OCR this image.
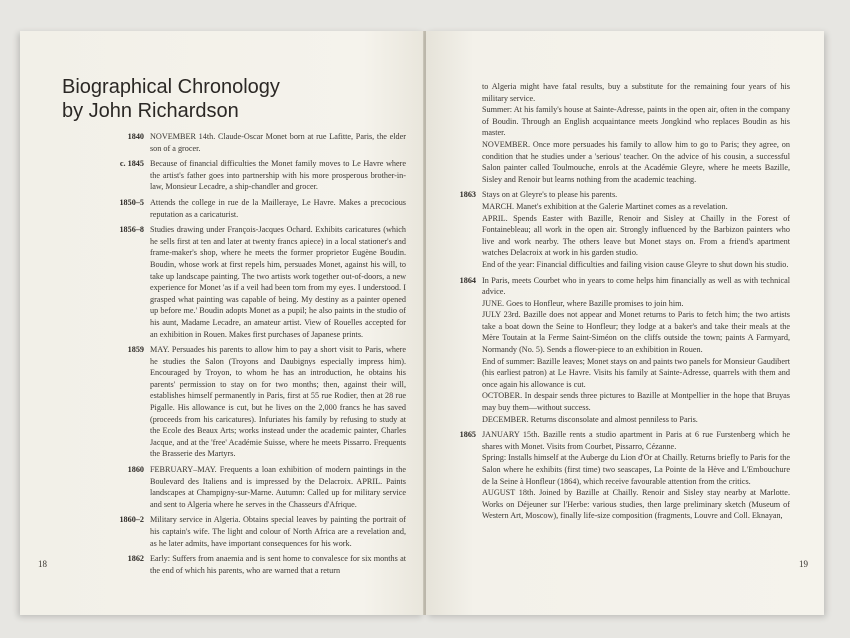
Biographical Chronology
by John Richardson
1840 NOVEMBER 14th. Claude-Oscar Monet born at rue Lafitte, Paris, the elder son of a grocer.
c. 1845 Because of financial difficulties the Monet family moves to Le Havre where the artist's father goes into partnership with his more prosperous brother-in-law, Monsieur Lecadre, a ship-chandler and grocer.
1850–5 Attends the college in rue de la Mailleraye, Le Havre. Makes a precocious reputation as a caricaturist.
1856–8 Studies drawing under François-Jacques Ochard. Exhibits caricatures (which he sells first at ten and later at twenty francs apiece) in a local stationer's and frame-maker's shop, where he meets the former proprietor Eugène Boudin. Boudin, whose work at first repels him, persuades Monet, against his will, to take up landscape painting. The two artists work together out-of-doors, a new experience for Monet 'as if a veil had been torn from my eyes. I understood. I grasped what painting was capable of being. My destiny as a painter opened up before me.' Boudin adopts Monet as a pupil; he also paints in the studio of his aunt, Madame Lecadre, an amateur artist. View of Rouelles accepted for an exhibition in Rouen. Makes first purchases of Japanese prints.
1859 MAY. Persuades his parents to allow him to pay a short visit to Paris, where he studies the Salon (Troyons and Daubignys especially impress him). Encouraged by Troyon, to whom he has an introduction, he obtains his parents' permission to stay on for two months; then, against their will, establishes himself permanently in Paris, first at 55 rue Rodier, then at 28 rue Pigalle. His allowance is cut, but he lives on the 2,000 francs he has saved (proceeds from his caricatures). Infuriates his family by refusing to study at the Ecole des Beaux Arts; works instead under the academic painter, Charles Jacque, and at the 'free' Académie Suisse, where he meets Pissarro. Frequents the Brasserie des Martyrs.
1860 FEBRUARY–MAY. Frequents a loan exhibition of modern paintings in the Boulevard des Italiens and is impressed by the Delacroix. APRIL. Paints landscapes at Champigny-sur-Marne. Autumn: Called up for military service and sent to Algeria where he serves in the Chasseurs d'Afrique.
1860–2 Military service in Algeria. Obtains special leaves by painting the portrait of his captain's wife. The light and colour of North Africa are a revelation and, as he later admits, have important consequences for his work.
1862 Early: Suffers from anaemia and is sent home to convalesce for six months at the end of which his parents, who are warned that a return
18
to Algeria might have fatal results, buy a substitute for the remaining four years of his military service.
Summer: At his family's house at Sainte-Adresse, paints in the open air, often in the company of Boudin. Through an English acquaintance meets Jongkind who replaces Boudin as his master.
NOVEMBER. Once more persuades his family to allow him to go to Paris; they agree, on condition that he studies under a 'serious' teacher. On the advice of his cousin, a successful Salon painter called Toulmouche, enrols at the Académie Gleyre, where he meets Bazille, Sisley and Renoir but learns nothing from the academic teaching.
1863 Stays on at Gleyre's to please his parents.
MARCH. Manet's exhibition at the Galerie Martinet comes as a revelation.
APRIL. Spends Easter with Bazille, Renoir and Sisley at Chailly in the Forest of Fontainebleau; all work in the open air. Strongly influenced by the Barbizon painters who live and work nearby. The others leave but Monet stays on. From a friend's apartment watches Delacroix at work in his garden studio.
End of the year: Financial difficulties and failing vision cause Gleyre to shut down his studio.
1864 In Paris, meets Courbet who in years to come helps him financially as well as with technical advice.
JUNE. Goes to Honfleur, where Bazille promises to join him.
JULY 23rd. Bazille does not appear and Monet returns to Paris to fetch him; the two artists take a boat down the Seine to Honfleur; they lodge at a baker's and take their meals at the Mère Toutain at la Ferme Saint-Siméon on the cliffs outside the town; paints A Farmyard, Normandy (No. 5). Sends a flower-piece to an exhibition in Rouen.
End of summer: Bazille leaves; Monet stays on and paints two panels for Monsieur Gaudibert (his earliest patron) at Le Havre. Visits his family at Sainte-Adresse, quarrels with them and once again his allowance is cut.
OCTOBER. In despair sends three pictures to Bazille at Montpellier in the hope that Bruyas may buy them—without success.
DECEMBER. Returns disconsolate and almost penniless to Paris.
1865 JANUARY 15th. Bazille rents a studio apartment in Paris at 6 rue Furstenberg which he shares with Monet. Visits from Courbet, Pissarro, Cézanne.
Spring: Installs himself at the Auberge du Lion d'Or at Chailly. Returns briefly to Paris for the Salon where he exhibits (first time) two seascapes, La Pointe de la Hève and L'Embouchure de la Seine à Honfleur (1864), which receive favourable attention from the critics.
AUGUST 18th. Joined by Bazille at Chailly. Renoir and Sisley stay nearby at Marlotte. Works on Déjeuner sur l'Herbe: various studies, then large preliminary sketch (Museum of Western Art, Moscow), finally life-size composition (fragments, Louvre and Coll. Eknayan,
19
